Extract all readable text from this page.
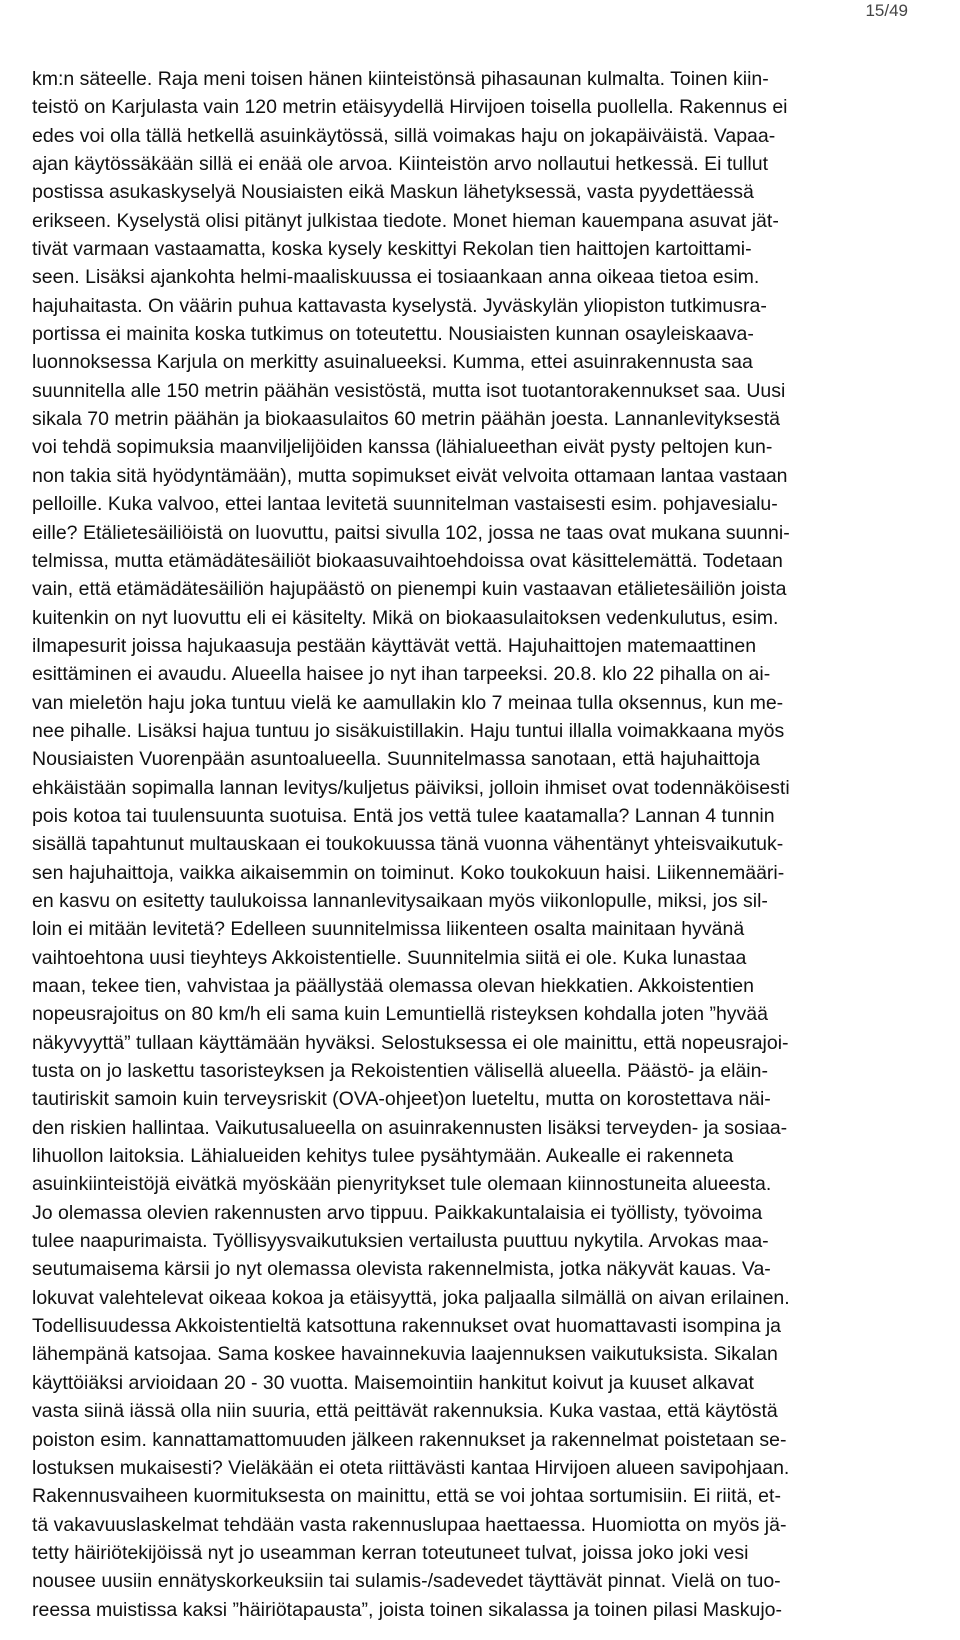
15/49
km:n säteelle. Raja meni toisen hänen kiinteistönsä pihasaunan kulmalta. Toinen kiin-
teistö on Karjulasta vain 120 metrin etäisyydellä Hirvijoen toisella puollella. Rakennus ei
edes voi olla tällä hetkellä asuinkäytössä, sillä voimakas haju on jokapäiväistä. Vapaa-
ajan käytössäkään sillä ei enää ole arvoa. Kiinteistön arvo nollautui hetkessä. Ei tullut
postissa asukaskyselyä Nousiaisten eikä Maskun lähetyksessä, vasta pyydettäessä
erikseen. Kyselystä olisi pitänyt julkistaa tiedote. Monet hieman kauempana asuvat jät-
tivät varmaan vastaamatta, koska kysely keskittyi Rekolan tien haittojen kartoittami-
seen. Lisäksi ajankohta helmi-maaliskuussa ei tosiaankaan anna oikeaa tietoa esim.
hajuhaitasta. On väärin puhua kattavasta kyselystä. Jyväskylän yliopiston tutkimusra-
portissa ei mainita koska tutkimus on toteutettu. Nousiaisten kunnan osayleiskaava-
luonnoksessa Karjula on merkitty asuinalueeksi. Kumma, ettei asuinrakennusta saa
suunnitella alle 150 metrin päähän vesistöstä, mutta isot tuotantorakennukset saa. Uusi
sikala 70 metrin päähän ja biokaasulaitos 60 metrin päähän joesta. Lannanlevityksestä
voi tehdä sopimuksia maanviljelijöiden kanssa (lähialueethan eivät pysty peltojen kun-
non takia sitä hyödyntämään), mutta sopimukset eivät velvoita ottamaan lantaa vastaan
pelloille. Kuka valvoo, ettei lantaa levitetä suunnitelman vastaisesti esim. pohjavesialu-
eille? Etälietesäiliöistä on luovuttu, paitsi sivulla 102, jossa ne taas ovat mukana suunni-
telmissa, mutta etämädätesäiliöt biokaasuvaihtoehdoissa ovat käsittelemättä. Todetaan
vain, että etämädätesäiliön hajupäästö on pienempi kuin vastaavan etälietesäiliön joista
kuitenkin on nyt luovuttu eli ei käsitelty. Mikä on biokaasulaitoksen vedenkulutus, esim.
ilmapesurit joissa hajukaasuja pestään käyttävät vettä. Hajuhaittojen matemaattinen
esittäminen ei avaudu. Alueella haisee jo nyt ihan tarpeeksi. 20.8. klo 22 pihalla on ai-
van mieletön haju joka tuntuu vielä ke aamullakin klo 7 meinaa tulla oksennus, kun me-
nee pihalle. Lisäksi hajua tuntuu jo sisäkuistillakin. Haju tuntui illalla voimakkaana myös
Nousiaisten Vuorenpään asuntoalueella. Suunnitelmassa sanotaan, että hajuhaittoja
ehkäistään sopimalla lannan levitys/kuljetus päiviksi, jolloin ihmiset ovat todennäköisesti
pois kotoa tai tuulensuunta suotuisa. Entä jos vettä tulee kaatamalla? Lannan 4 tunnin
sisällä tapahtunut multauskaan ei toukokuussa tänä vuonna vähentänyt yhteisvaikutuk-
sen hajuhaittoja, vaikka aikaisemmin on toiminut. Koko toukokuun haisi. Liikennemääri-
en kasvu on esitetty taulukoissa lannanlevitysaikaan myös viikonlopulle, miksi, jos sil-
loin ei mitään levitetä? Edelleen suunnitelmissa liikenteen osalta mainitaan hyvänä
vaihtoehtona uusi tieyhteys Akkoistentielle. Suunnitelmia siitä ei ole. Kuka lunastaa
maan, tekee tien, vahvistaa ja päällystää olemassa olevan hiekkatien. Akkoistentien
nopeusrajoitus on 80 km/h eli sama kuin Lemuntiellä risteyksen kohdalla joten ”hyvää
näkyvyyttä” tullaan käyttämään hyväksi. Selostuksessa ei ole mainittu, että nopeusrajoi-
tusta on jo laskettu tasoristeyksen ja Rekoistentien välisellä alueella. Päästö- ja eläin-
tautiriskit samoin kuin terveysriskit (OVA-ohjeet)on lueteltu, mutta on korostettava näi-
den riskien hallintaa. Vaikutusalueella on asuinrakennusten lisäksi terveyden- ja sosiaa-
lihuollon laitoksia. Lähialueiden kehitys tulee pysähtymään. Aukealle ei rakenneta
asuinkiinteistöjä eivätkä myöskään pienyritykset tule olemaan kiinnostuneita alueesta.
Jo olemassa olevien rakennusten arvo tippuu. Paikkakuntalaisia ei työllisty, työvoima
tulee naapurimaista. Työllisyysvaikutuksien vertailusta puuttuu nykytila. Arvokas maa-
seutumaisema kärsii jo nyt olemassa olevista rakennelmista, jotka näkyvät kauas. Va-
lokuvat valehtelevat oikeaa kokoa ja etäisyyttä, joka paljaalla silmällä on aivan erilainen.
Todellisuudessa Akkoistentieltä katsottuna rakennukset ovat huomattavasti isompina ja
lähempänä katsojaa. Sama koskee havainnekuvia laajennuksen vaikutuksista. Sikalan
käyttöiäksi arvioidaan 20 - 30 vuotta. Maisemointiin hankitut koivut ja kuuset alkavat
vasta siinä iässä olla niin suuria, että peittävät rakennuksia. Kuka vastaa, että käytöstä
poiston esim. kannattamattomuuden jälkeen rakennukset ja rakennelmat poistetaan se-
lostuksen mukaisesti? Vieläkään ei oteta riittävästi kantaa Hirvijoen alueen savipohjaan.
Rakennusvaiheen kuormituksesta on mainittu, että se voi johtaa sortumisiin. Ei riitä, et-
tä vakavuuslaskelmat tehdään vasta rakennuslupaa haettaessa. Huomiotta on myös jä-
tetty häiriötekijöissä nyt jo useamman kerran toteutuneet tulvat, joissa joko joki vesi
nousee uusiin ennätyskorkeuksiin tai sulamis-/sadevedet täyttävät pinnat. Vielä on tuo-
reessa muistissa kaksi ”häiriötapausta”, joista toinen sikalassa ja toinen pilasi Maskujo-
